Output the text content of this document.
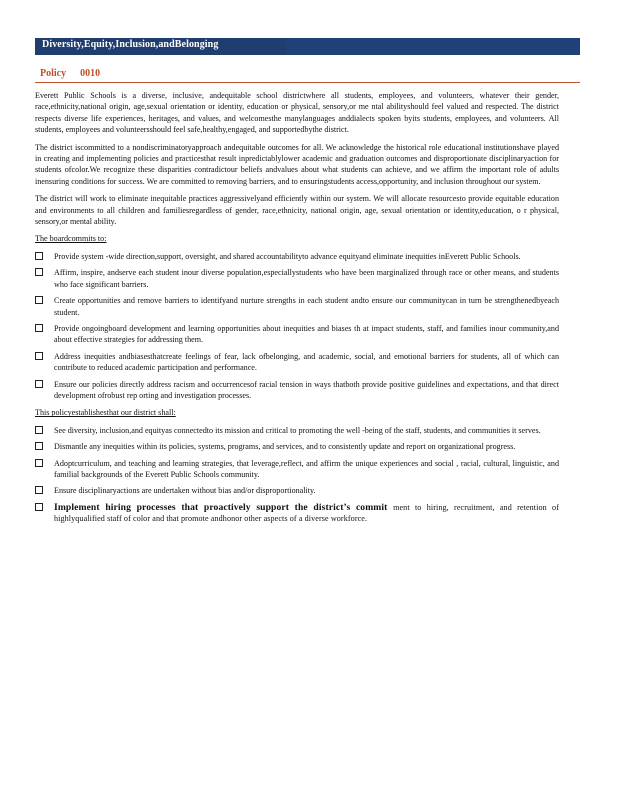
Diversity,Equity,Inclusion,andBelonging
Policy 0010

Everett Public Schools is a diverse, inclusive, andequitable school districtwhere all students, employees, and volunteers, whatever their gender, race,ethnicity,national origin, age,sexual orientation or identity, education or physical, sensory,or me ntal abilityshould feel valued and respected. The district respects diverse life experiences, heritages, and values, and welcomesthe manylanguages anddialects spoken byits students, employees, and volunteers. All students, employees and volunteersshould feel safe,healthy,engaged, and supportedbythe district.

The district iscommitted to a nondiscriminatoryapproach andequitable outcomes for all. We acknowledge the historical role educational institutionshave played in creating and implementing policies and practicesthat result inpredictablylower academic and graduation outcomes and disproportionate disciplinaryaction for students ofcolor.We recognize these disparities contradictour beliefs andvalues about what students can achieve, and we affirm the important role of adults inensuring conditions for success. We are committed to removing barriers, and to ensuringstudents access,opportunity, and inclusion throughout our system.

The district will work to eliminate inequitable practices aggressivelyand efficiently within our system. We will allocate resourcesto provide equitable education and environments to all children and familiesregardless of gender, race,ethnicity, national origin, age, sexual orientation or identity,education, o r physical, sensory,or mental ability.

The boardcommits to:

Provide system -wide direction,support, oversight, and shared accountabilityto advance equityand eliminate inequities inEverett Public Schools.
Affirm, inspire, andserve each student inour diverse population,especiallystudents who have been marginalized through race or other means, and students who face significant barriers.
Create opportunities and remove barriers to identifyand nurture strengths in each student andto ensure our communitycan in turn be strengthenedbyeach student.
Provide ongoingboard development and learning opportunities about inequities and biases th at impact students, staff, and families inour community,and about effective strategies for addressing them.
Address inequities andbiasesthatcreate feelings of fear, lack ofbelonging, and academic, social, and emotional barriers for students, all of which can contribute to reduced academic participation and performance.
Ensure our policies directly address racism and occurrencesof racial tension in ways thatboth provide positive guidelines and expectations, and that direct development ofrobust rep orting and investigation processes.

This policyestablishesthat our district shall:

See diversity, inclusion,and equityas connectedto its mission and critical to promoting the well -being of the staff, students, and communities it serves.
Dismantle any inequities within its policies, systems, programs, and services, and to consistently update and report on organizational progress.
Adoptcurriculum, and teaching and learning strategies, that leverage,reflect, and affirm the unique experiences and social , racial, cultural, linguistic, and familial backgrounds of the Everett Public Schools community.
Ensure disciplinaryactions are undertaken without bias and/or disproportionality.
Implement hiring processes that proactively support the district’s commit ment to hiring, recruitment, and retention of highlyqualified staff of color and that promote andhonor other aspects of a diverse workforce.
